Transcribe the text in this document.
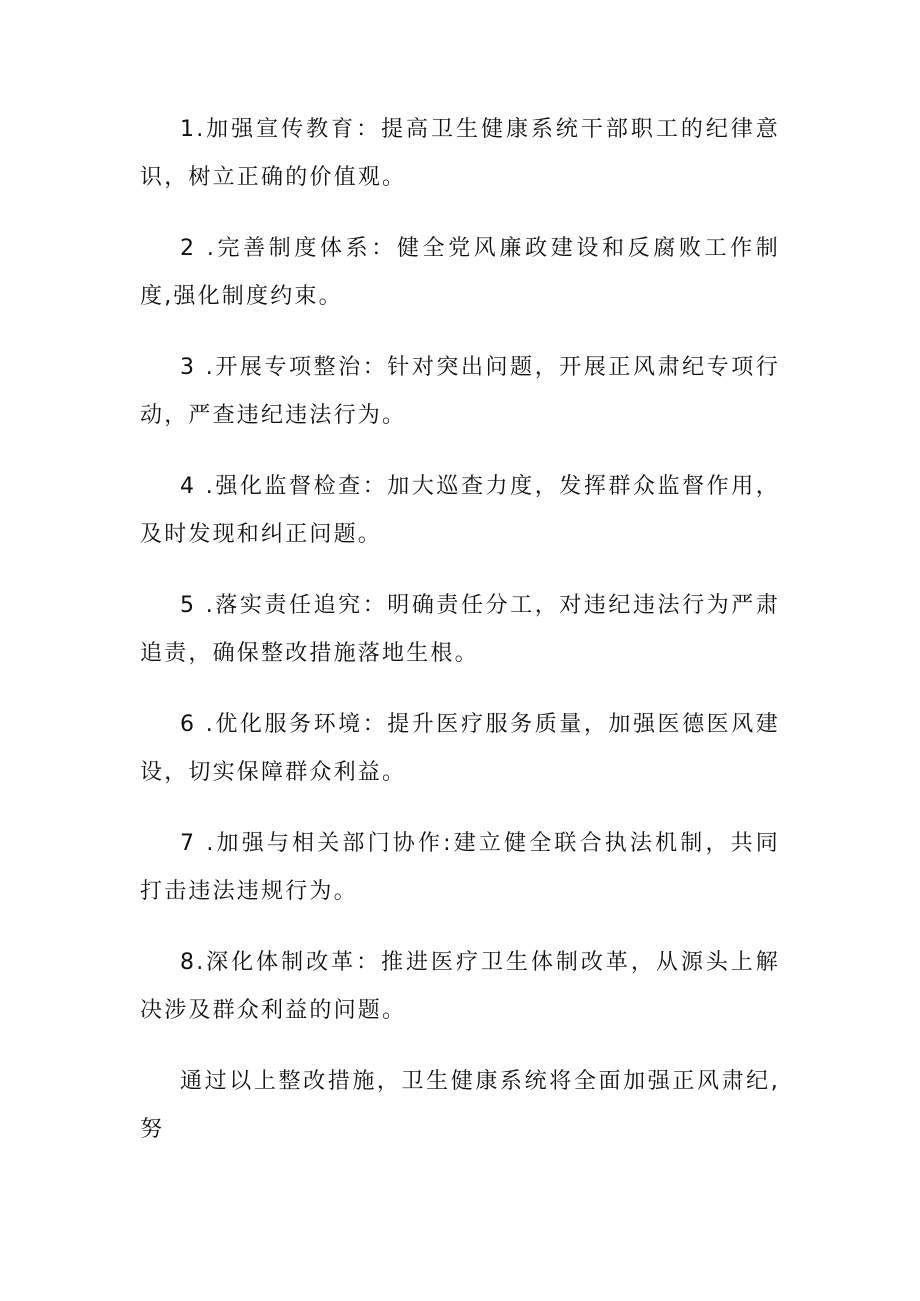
1.加强宣传教育：提高卫生健康系统干部职工的纪律意识，树立正确的价值观。

2 .完善制度体系：健全党风廉政建设和反腐败工作制度,强化制度约束。

3 .开展专项整治：针对突出问题，开展正风肃纪专项行动，严查违纪违法行为。

4 .强化监督检查：加大巡查力度，发挥群众监督作用，及时发现和纠正问题。

5 .落实责任追究：明确责任分工，对违纪违法行为严肃追责，确保整改措施落地生根。

6 .优化服务环境：提升医疗服务质量，加强医德医风建设，切实保障群众利益。

7 .加强与相关部门协作:建立健全联合执法机制，共同打击违法违规行为。

8.深化体制改革：推进医疗卫生体制改革，从源头上解决涉及群众利益的问题。

通过以上整改措施，卫生健康系统将全面加强正风肃纪,努
